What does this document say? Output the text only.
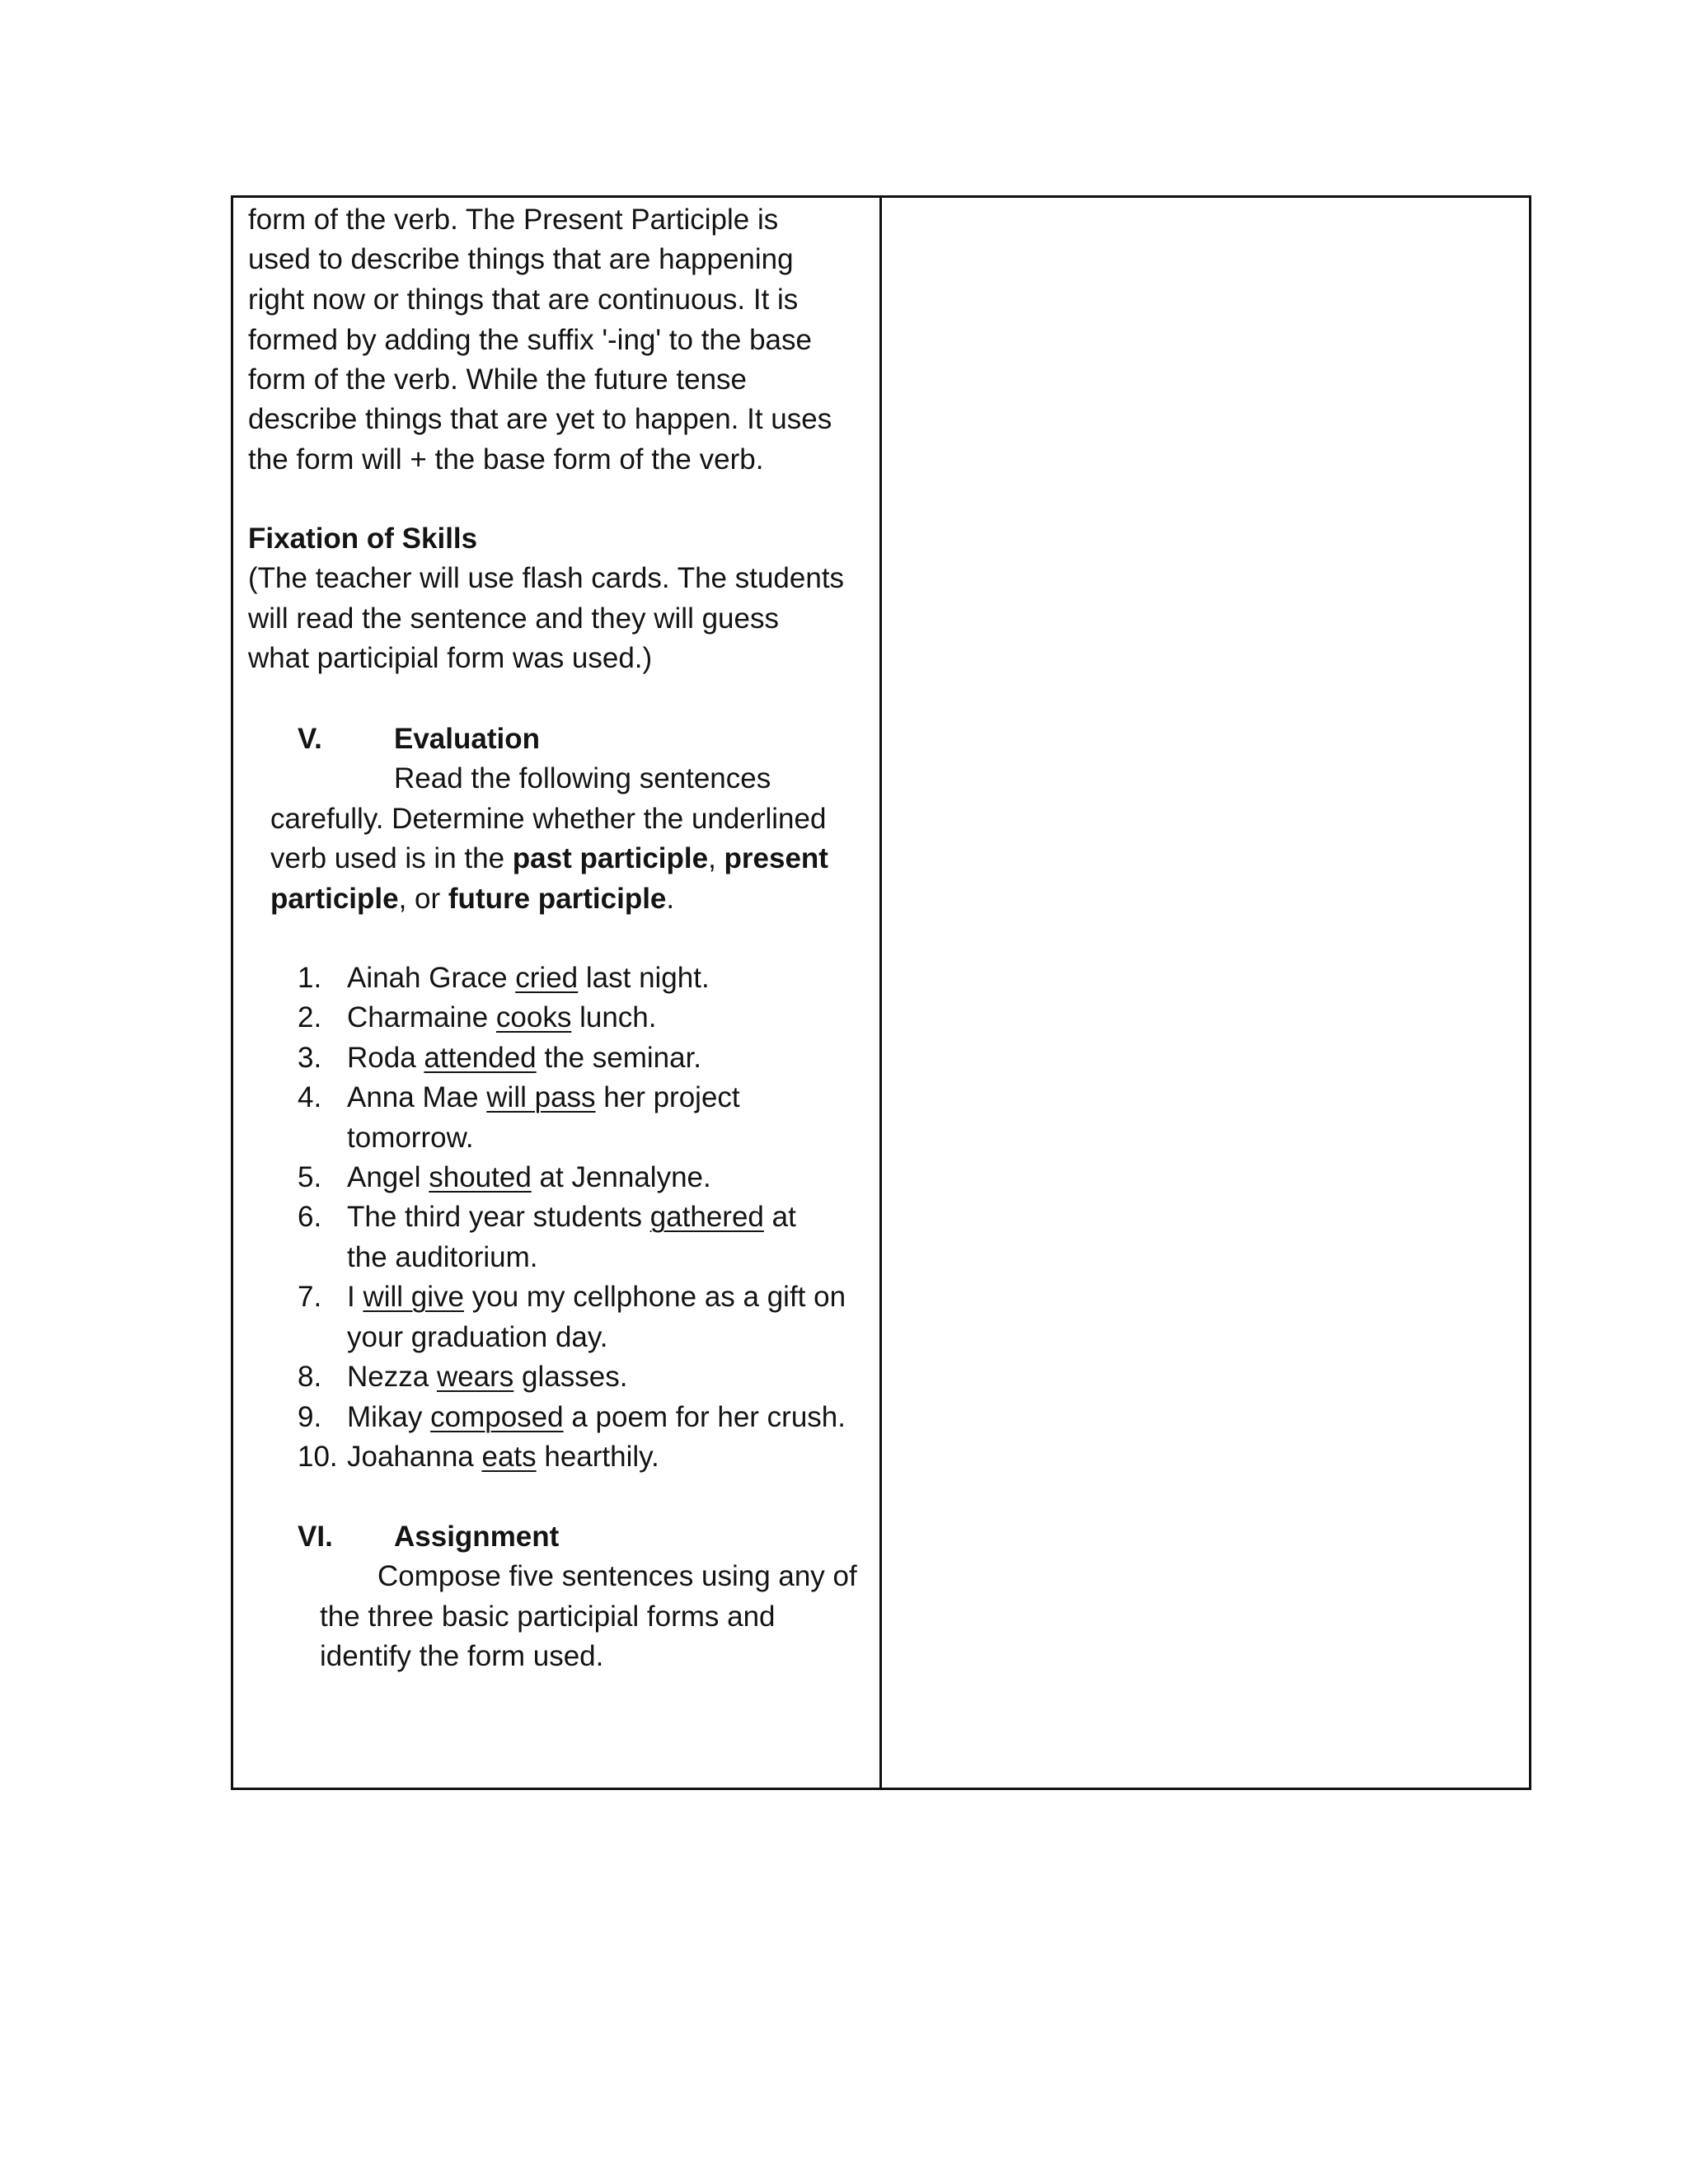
form of the verb. The Present Participle is
used to describe things that are happening
right now or things that are continuous. It is
formed by adding the suffix '-ing' to the base
form of the verb. While the future tense
describe things that are yet to happen. It uses
the form will + the base form of the verb.
Fixation of Skills
(The teacher will use flash cards. The students
will read the sentence and they will guess
what participial form was used.)
V. Evaluation
Read the following sentences
carefully. Determine whether the underlined
verb used is in the past participle, present
participle, or future participle.
1. Ainah Grace cried last night.
2. Charmaine cooks lunch.
3. Roda attended the seminar.
4. Anna Mae will pass her project
tomorrow.
5. Angel shouted at Jennalyne.
6. The third year students gathered at
the auditorium.
7. I will give you my cellphone as a gift on
your graduation day.
8. Nezza wears glasses.
9. Mikay composed a poem for her crush.
10. Joahanna eats hearthily.
VI. Assignment
Compose five sentences using any of
the three basic participial forms and
identify the form used.
